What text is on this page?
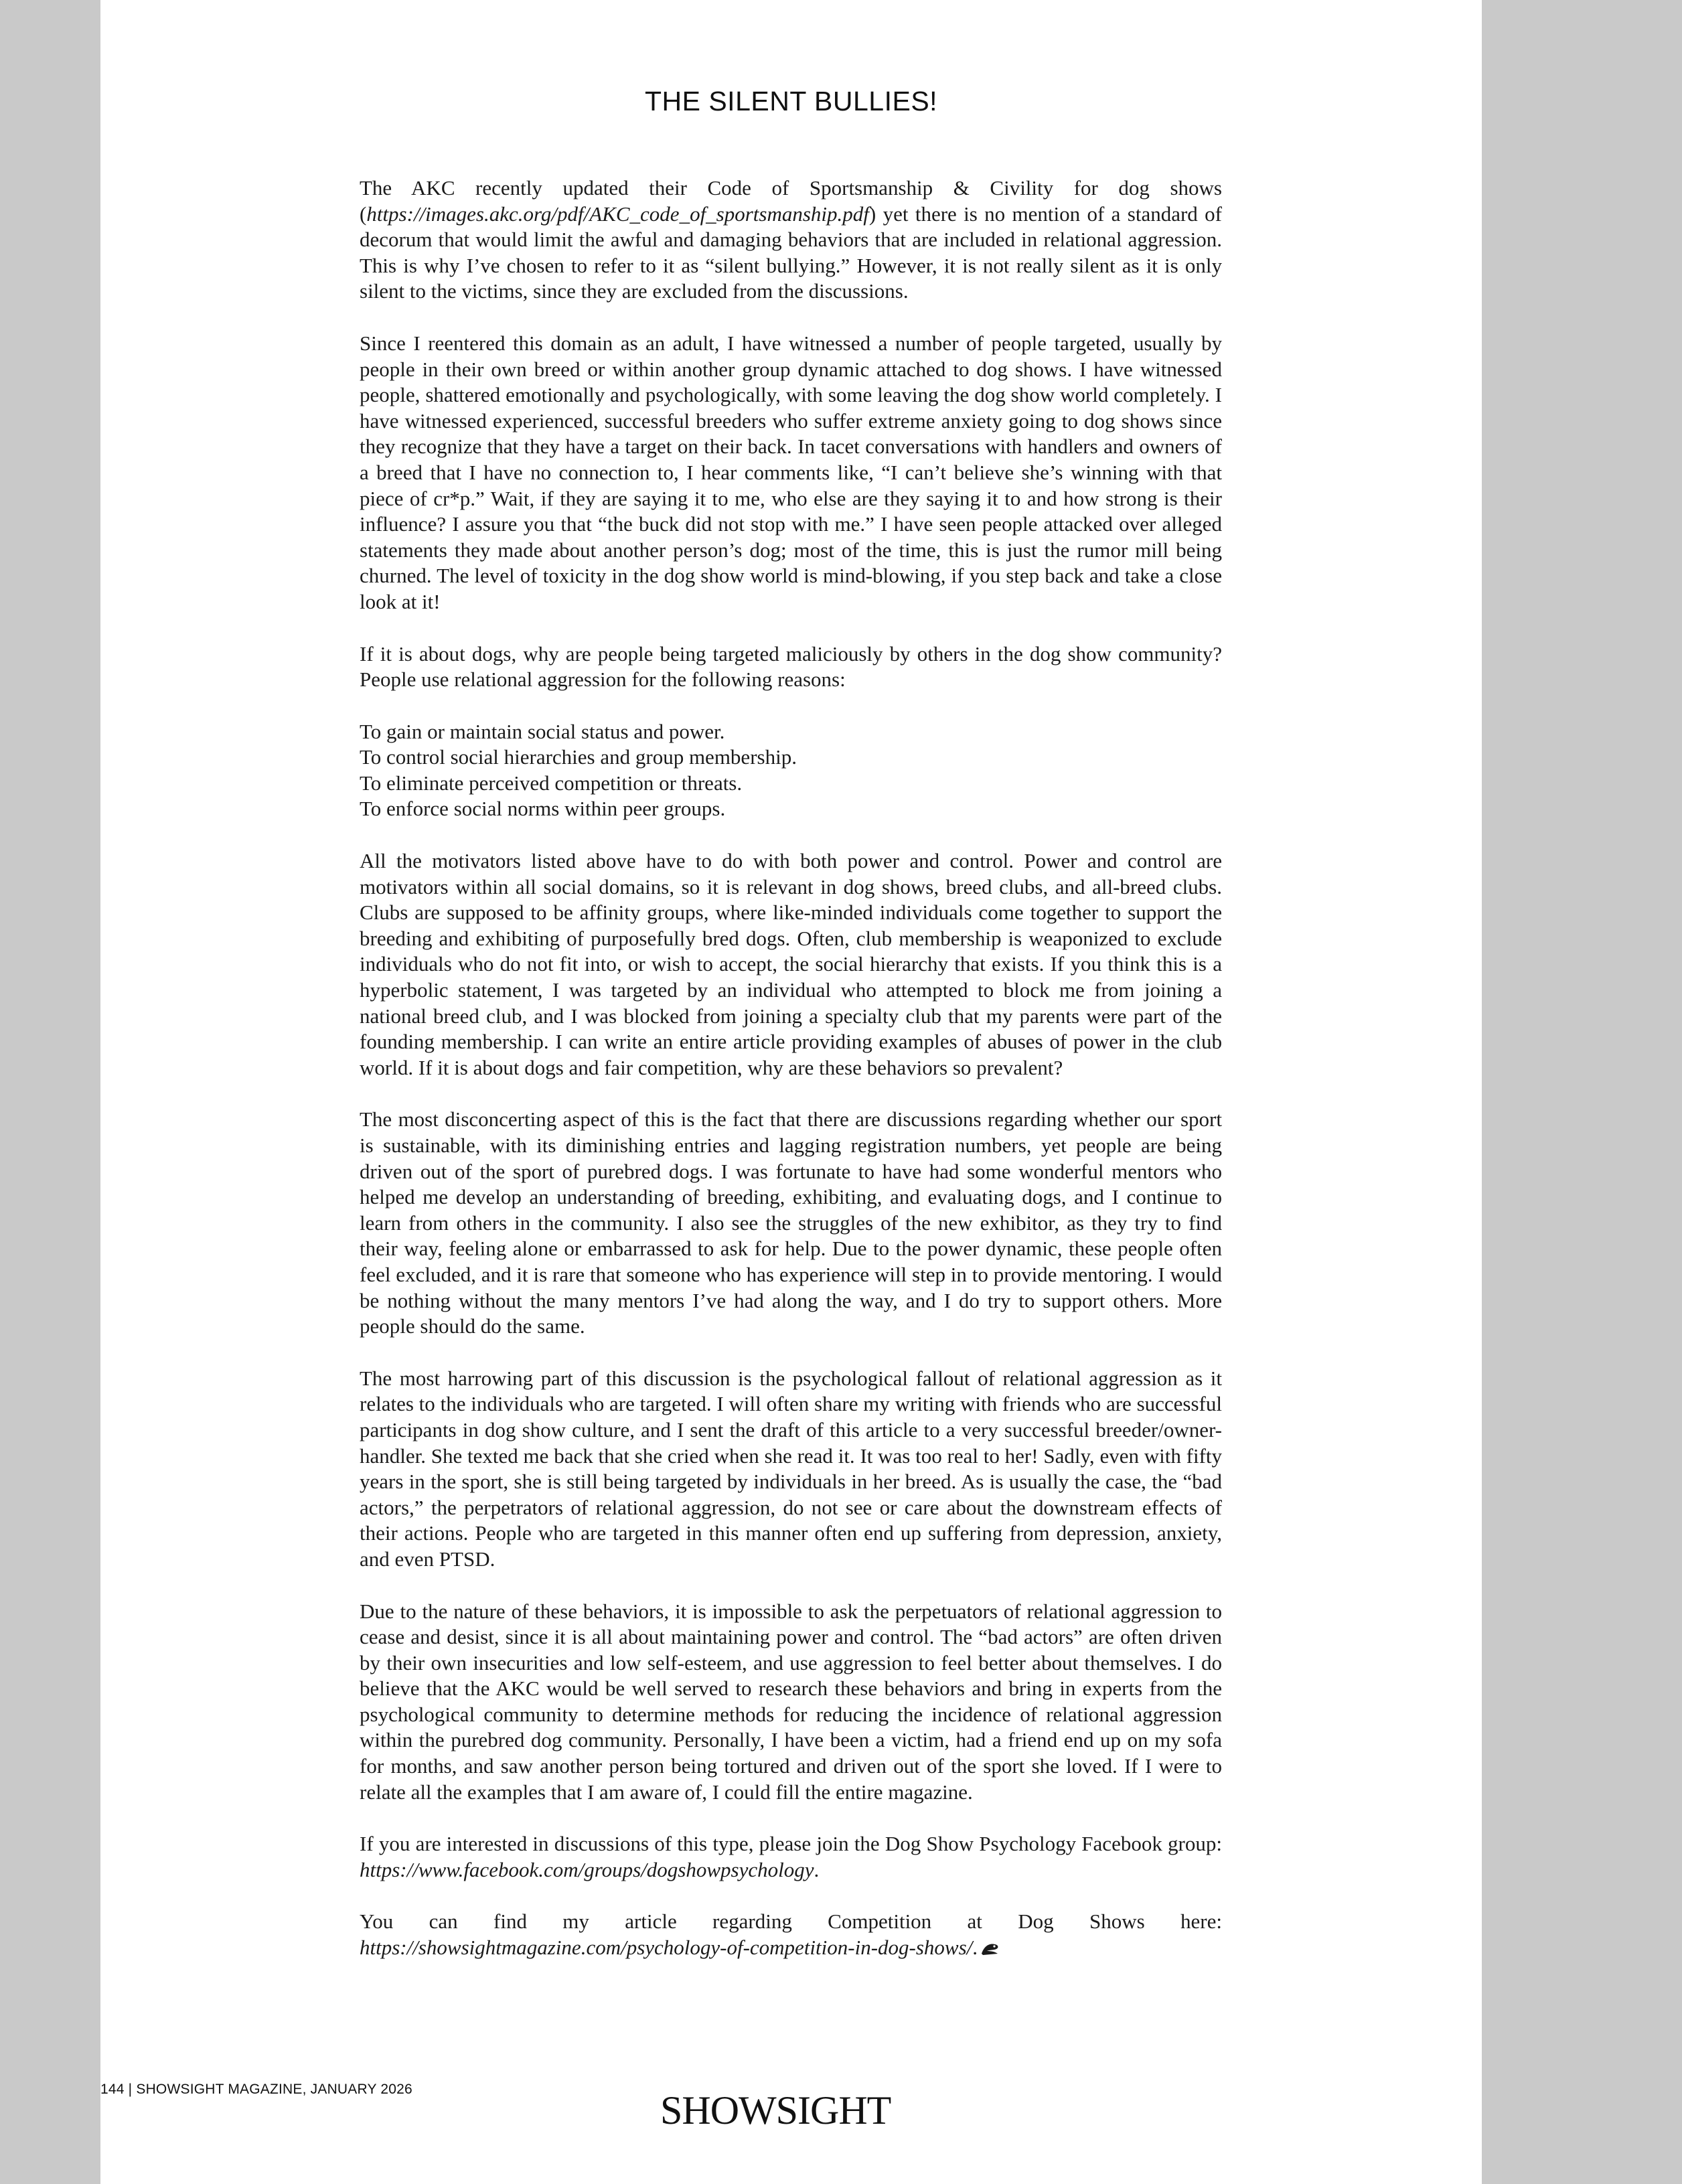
THE SILENT BULLIES!

The AKC recently updated their Code of Sportsmanship & Civility for dog shows (https://images.akc.org/pdf/AKC_code_of_sportsmanship.pdf) yet there is no mention of a standard of decorum that would limit the awful and damaging behaviors that are included in relational aggression. This is why I’ve chosen to refer to it as “silent bullying.” However, it is not really silent as it is only silent to the victims, since they are excluded from the discussions.

Since I reentered this domain as an adult, I have witnessed a number of people targeted, usually by people in their own breed or within another group dynamic attached to dog shows. I have witnessed people, shattered emotionally and psychologically, with some leaving the dog show world completely. I have witnessed experienced, successful breeders who suffer extreme anxiety going to dog shows since they recognize that they have a target on their back. In tacet conversations with handlers and owners of a breed that I have no connection to, I hear comments like, “I can’t believe she’s winning with that piece of cr*p.” Wait, if they are saying it to me, who else are they saying it to and how strong is their influence? I assure you that “the buck did not stop with me.” I have seen people attacked over alleged statements they made about another person’s dog; most of the time, this is just the rumor mill being churned. The level of toxicity in the dog show world is mind-blowing, if you step back and take a close look at it!

If it is about dogs, why are people being targeted maliciously by others in the dog show community? People use relational aggression for the following reasons:

To gain or maintain social status and power.
To control social hierarchies and group membership.
To eliminate perceived competition or threats.
To enforce social norms within peer groups.

All the motivators listed above have to do with both power and control. Power and control are motivators within all social domains, so it is relevant in dog shows, breed clubs, and all-breed clubs. Clubs are supposed to be affinity groups, where like-minded individuals come together to support the breeding and exhibiting of purposefully bred dogs. Often, club membership is weaponized to exclude individuals who do not fit into, or wish to accept, the social hierarchy that exists. If you think this is a hyperbolic statement, I was targeted by an individual who attempted to block me from joining a national breed club, and I was blocked from joining a specialty club that my parents were part of the founding membership. I can write an entire article providing examples of abuses of power in the club world. If it is about dogs and fair competition, why are these behaviors so prevalent?

The most disconcerting aspect of this is the fact that there are discussions regarding whether our sport is sustainable, with its diminishing entries and lagging registration numbers, yet people are being driven out of the sport of purebred dogs. I was fortunate to have had some wonderful mentors who helped me develop an understanding of breeding, exhibiting, and evaluating dogs, and I continue to learn from others in the community. I also see the struggles of the new exhibitor, as they try to find their way, feeling alone or embarrassed to ask for help. Due to the power dynamic, these people often feel excluded, and it is rare that someone who has experience will step in to provide mentoring. I would be nothing without the many mentors I’ve had along the way, and I do try to support others. More people should do the same.

The most harrowing part of this discussion is the psychological fallout of relational aggression as it relates to the individuals who are targeted. I will often share my writing with friends who are successful participants in dog show culture, and I sent the draft of this article to a very successful breeder/owner-handler. She texted me back that she cried when she read it. It was too real to her! Sadly, even with fifty years in the sport, she is still being targeted by individuals in her breed. As is usually the case, the “bad actors,” the perpetrators of relational aggression, do not see or care about the downstream effects of their actions. People who are targeted in this manner often end up suffering from depression, anxiety, and even PTSD.

Due to the nature of these behaviors, it is impossible to ask the perpetuators of relational aggression to cease and desist, since it is all about maintaining power and control. The “bad actors” are often driven by their own insecurities and low self-esteem, and use aggression to feel better about themselves. I do believe that the AKC would be well served to research these behaviors and bring in experts from the psychological community to determine methods for reducing the incidence of relational aggression within the purebred dog community. Personally, I have been a victim, had a friend end up on my sofa for months, and saw another person being tortured and driven out of the sport she loved. If I were to relate all the examples that I am aware of, I could fill the entire magazine.

If you are interested in discussions of this type, please join the Dog Show Psychology Facebook group: https://www.facebook.com/groups/dogshowpsychology.

You can find my article regarding Competition at Dog Shows here: https://showsightmagazine.com/psychology-of-competition-in-dog-shows/.

144 | SHOWSIGHT MAGAZINE, JANUARY 2026	SHOWSIGHT
